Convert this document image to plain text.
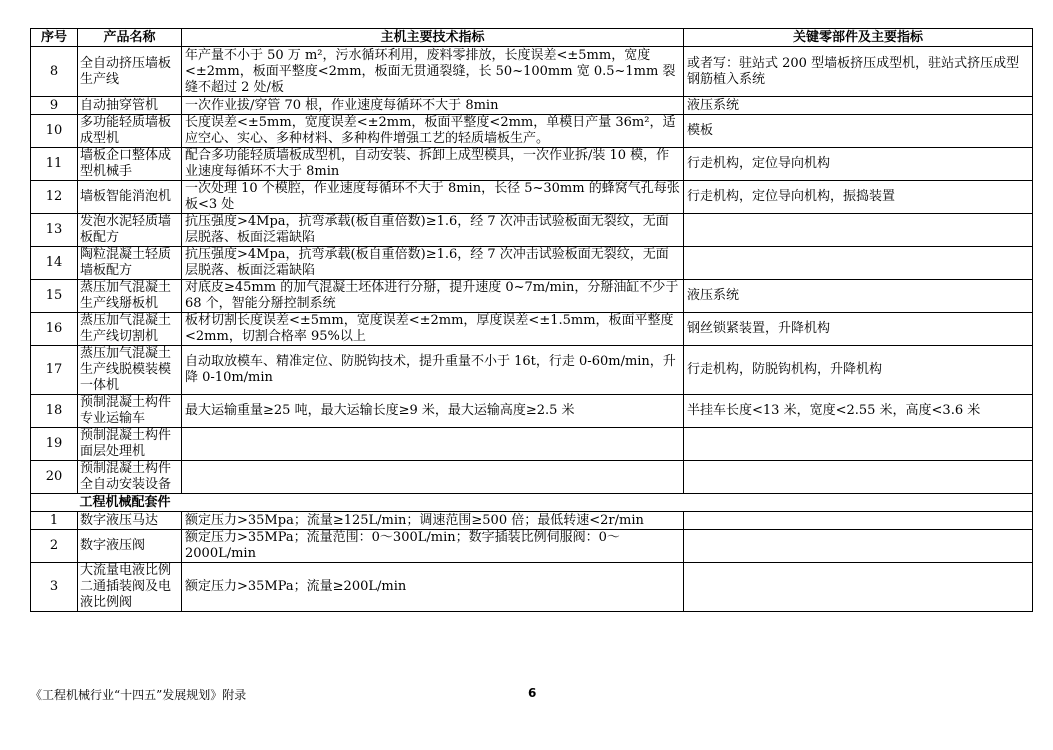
序号	产品名称	主机主要技术指标	关键零部件及主要指标
8	全自动挤压墙板生产线	年产量不小于 50 万 m²，污水循环利用，废料零排放，长度误差<±5mm，宽度<±2mm，板面平整度<2mm，板面无贯通裂缝，长 50~100mm 宽 0.5~1mm 裂缝不超过 2 处/板	或者写：驻站式 200 型墙板挤压成型机，驻站式挤压成型钢筋植入系统
9	自动抽穿管机	一次作业拔/穿管 70 根，作业速度每循环不大于 8min	液压系统
10	多功能轻质墙板成型机	长度误差<±5mm，宽度误差<±2mm，板面平整度<2mm，单模日产量 36m²，适应空心、实心、多种材料、多种构件增强工艺的轻质墙板生产。	模板
11	墙板企口整体成型机械手	配合多功能轻质墙板成型机，自动安装、拆卸上成型模具，一次作业拆/装 10 模，作业速度每循环不大于 8min	行走机构，定位导向机构
12	墙板智能消泡机	一次处理 10 个模腔，作业速度每循环不大于 8min，长径 5~30mm 的蜂窝气孔每张板<3 处	行走机构，定位导向机构，振捣装置
13	发泡水泥轻质墙板配方	抗压强度>4Mpa，抗弯承载(板自重倍数)≥1.6，经 7 次冲击试验板面无裂纹，无面层脱落、板面泛霜缺陷	
14	陶粒混凝土轻质墙板配方	抗压强度>4Mpa，抗弯承载(板自重倍数)≥1.6，经 7 次冲击试验板面无裂纹，无面层脱落、板面泛霜缺陷	
15	蒸压加气混凝土生产线掰板机	对底皮≥45mm 的加气混凝土坯体进行分掰，提升速度 0~7m/min，分掰油缸不少于 68 个，智能分掰控制系统	液压系统
16	蒸压加气混凝土生产线切割机	板材切割长度误差<±5mm，宽度误差<±2mm，厚度误差<±1.5mm，板面平整度<2mm，切割合格率 95%以上	钢丝锁紧装置，升降机构
17	蒸压加气混凝土生产线脱模装模一体机	自动取放模车、精准定位、防脱钩技术，提升重量不小于 16t，行走 0-60m/min，升降 0-10m/min	行走机构，防脱钩机构，升降机构
18	预制混凝土构件专业运输车	最大运输重量≥25 吨，最大运输长度≥9 米，最大运输高度≥2.5 米	半挂车长度<13 米，宽度<2.55 米，高度<3.6 米
19	预制混凝土构件面层处理机		
20	预制混凝土构件全自动安装设备		
	工程机械配套件		
1	数字液压马达	额定压力>35Mpa；流量≥125L/min；调速范围≥500 倍；最低转速<2r/min	
2	数字液压阀	额定压力>35MPa；流量范围：0～300L/min；数字插装比例伺服阀：0～2000L/min	
3	大流量电液比例二通插装阀及电液比例阀	额定压力>35MPa；流量≥200L/min	
《工程机械行业“十四五”发展规划》附录	6
